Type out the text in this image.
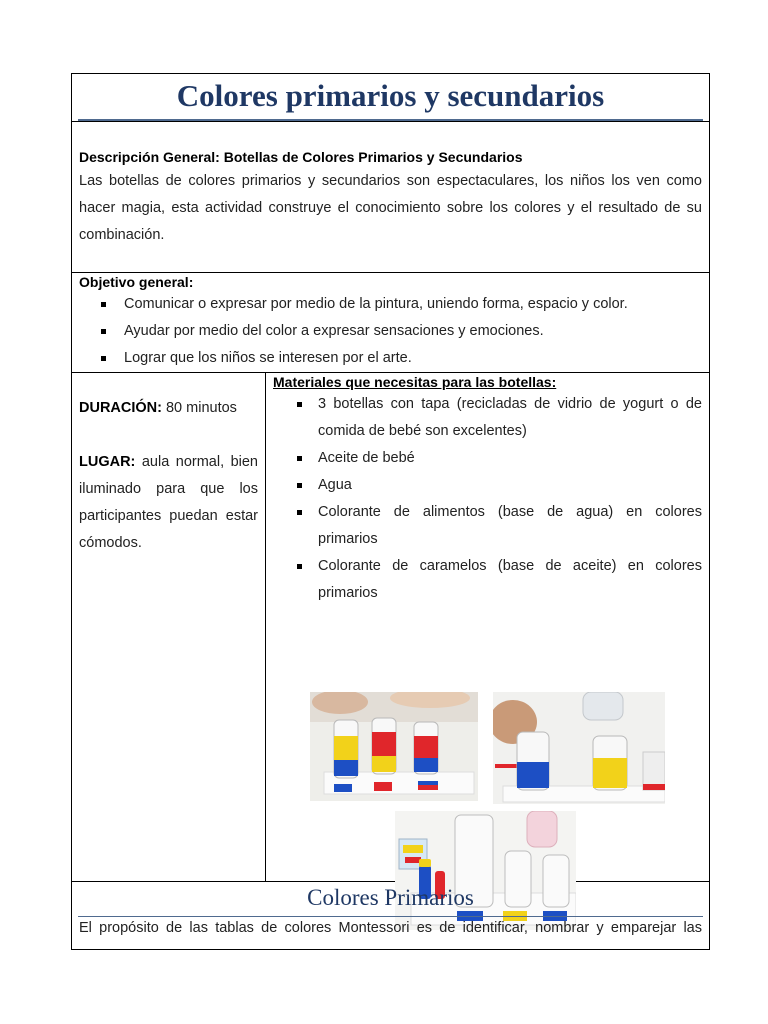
Colores primarios y secundarios
Descripción General: Botellas de Colores Primarios y Secundarios
Las botellas de colores primarios y secundarios son espectaculares, los niños los ven como hacer magia, esta actividad construye el conocimiento sobre los colores y el resultado de su combinación.
Objetivo general:
Comunicar o expresar por medio de la pintura, uniendo forma, espacio y color.
Ayudar por medio del color a expresar sensaciones y emociones.
Lograr que los niños se interesen por el arte.

DURACIÓN: 80 minutos

LUGAR: aula normal, bien iluminado para que los participantes puedan estar cómodos.

Materiales que necesitas para las botellas:
3 botellas con tapa (recicladas de vidrio de yogurt o de comida de bebé son excelentes)
Aceite de bebé
Agua
Colorante de alimentos (base de agua) en colores primarios
Colorante de caramelos (base de aceite) en colores primarios
Colores Primarios
El propósito de las tablas de colores Montessori es de identificar, nombrar y emparejar las
